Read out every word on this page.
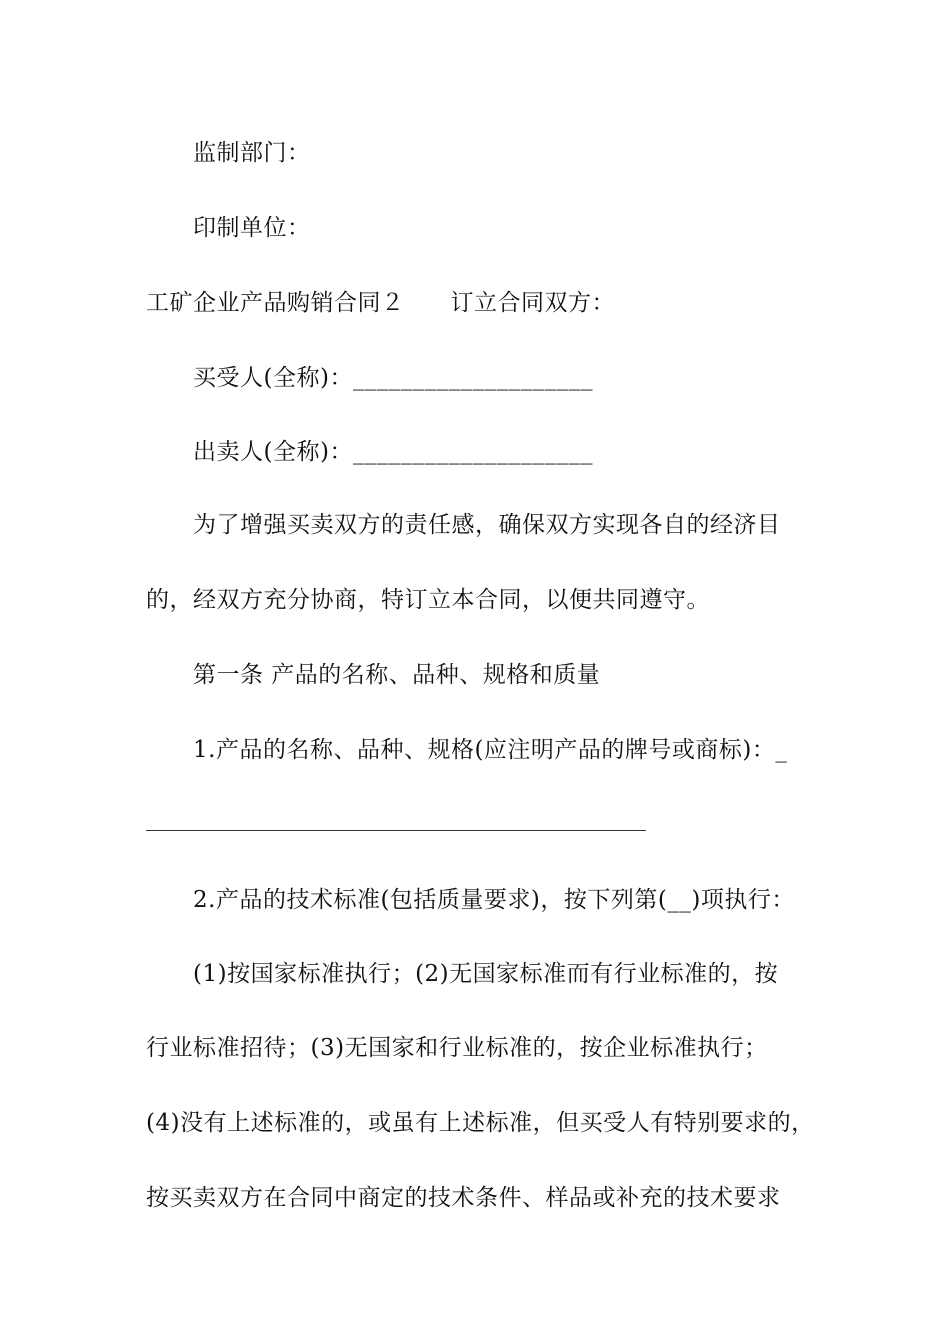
监制部门：
印制单位：
工矿企业产品购销合同２ 订立合同双方：
买受人(全称)：____________________
出卖人(全称)：____________________
为了增强买卖双方的责任感，确保双方实现各自的经济目
的，经双方充分协商，特订立本合同，以便共同遵守。
第一条 产品的名称、品种、规格和质量
1.产品的名称、品种、规格(应注明产品的牌号或商标)：_
2.产品的技术标准(包括质量要求)，按下列第(__)项执行：
(1)按国家标准执行；(2)无国家标准而有行业标准的，按
行业标准招待；(3)无国家和行业标准的，按企业标准执行；
(4)没有上述标准的，或虽有上述标准，但买受人有特别要求的，
按买卖双方在合同中商定的技术条件、样品或补充的技术要求
